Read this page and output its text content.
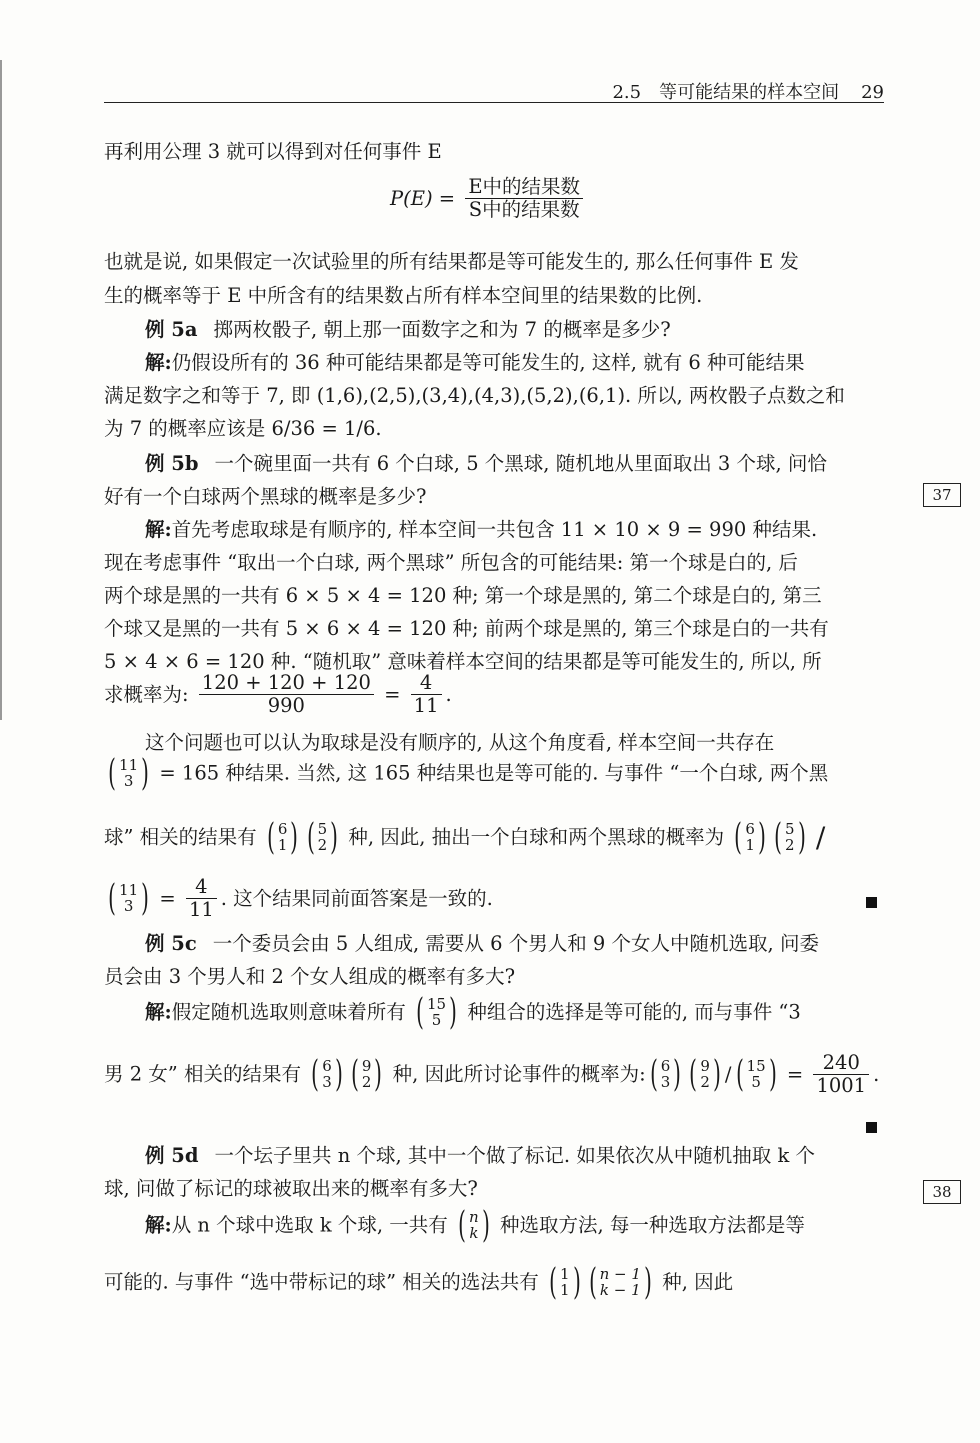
2.5 等可能结果的样本空间 29
37
38
再利用公理 3 就可以得到对任何事件 E
P(E) =
E中的结果数
S中的结果数
也就是说, 如果假定一次试验里的所有结果都是等可能发生的, 那么任何事件 E 发
生的概率等于 E 中所含有的结果数占所有样本空间里的结果数的比例.
例 5a 掷两枚骰子, 朝上那一面数字之和为 7 的概率是多少?
解:仍假设所有的 36 种可能结果都是等可能发生的, 这样, 就有 6 种可能结果
满足数字之和等于 7, 即 (1,6),(2,5),(3,4),(4,3),(5,2),(6,1). 所以, 两枚骰子点数之和
为 7 的概率应该是 6/36 = 1/6.
例 5b 一个碗里面一共有 6 个白球, 5 个黑球, 随机地从里面取出 3 个球, 问恰
好有一个白球两个黑球的概率是多少?
解:首先考虑取球是有顺序的, 样本空间一共包含 11 × 10 × 9 = 990 种结果.
现在考虑事件 “取出一个白球, 两个黑球” 所包含的可能结果: 第一个球是白的, 后
两个球是黑的一共有 6 × 5 × 4 = 120 种; 第一个球是黑的, 第二个球是白的, 第三
个球又是黑的一共有 5 × 6 × 4 = 120 种; 前两个球是黑的, 第三个球是白的一共有
5 × 4 × 6 = 120 种. “随机取” 意味着样本空间的结果都是等可能发生的, 所以, 所
求概率为: $\frac{120 + 120 + 120}{990} = \frac{4}{11}$ .
这个问题也可以认为取球是没有顺序的, 从这个角度看, 样本空间一共存在
( 11
3 ) = 165 种结果. 当然, 这 165 种结果也是等可能的. 与事件 “一个白球, 两个黑
球” 相关的结果有 ( 6
1 ) ( 5
2 ) 种, 因此, 抽出一个白球和两个黑球的概率为 ( 6
1 ) ( 5
2 ) /
( 11
3 ) = $\frac{4}{11}$ . 这个结果同前面答案是一致的.
例 5c 一个委员会由 5 人组成, 需要从 6 个男人和 9 个女人中随机选取, 问委
员会由 3 个男人和 2 个女人组成的概率有多大?
解:假定随机选取则意味着所有 ( 15
5 ) 种组合的选择是等可能的, 而与事件 “3
男 2 女” 相关的结果有 ( 6
3 ) ( 9
2 ) 种, 因此所讨论事件的概率为: ( 6
3 ) ( 9
2 ) / ( 15
5 ) = $\frac{240}{1001}$ .
例 5d 一个坛子里共 n 个球, 其中一个做了标记. 如果依次从中随机抽取 k 个
球, 问做了标记的球被取出来的概率有多大?
解:从 n 个球中选取 k 个球, 一共有 ( n
k ) 种选取方法, 每一种选取方法都是等
可能的. 与事件 “选中带标记的球” 相关的选法共有 ( 1
1 ) ( n − 1
k − 1 ) 种, 因此
